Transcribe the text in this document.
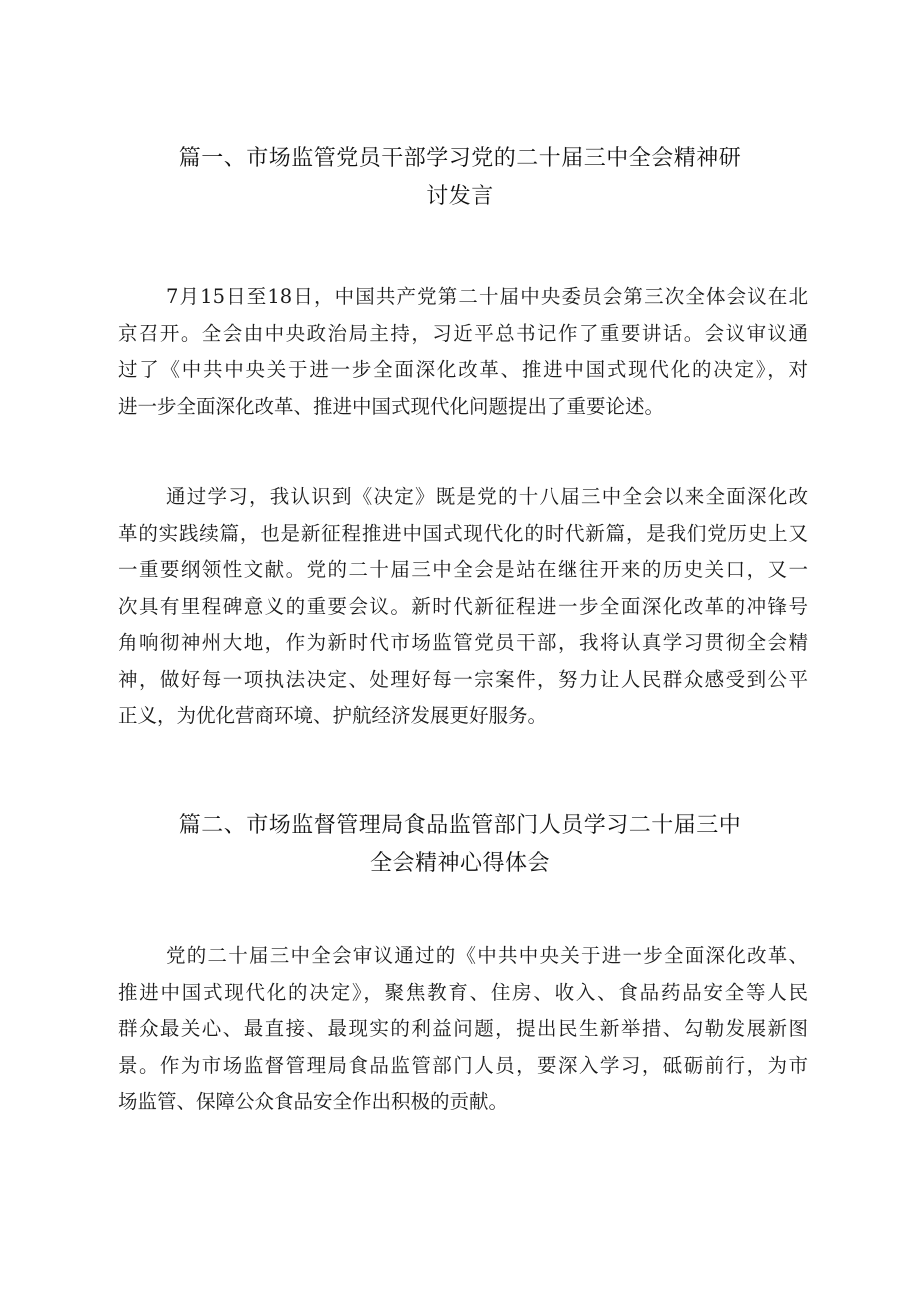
篇一、市场监管党员干部学习党的二十届三中全会精神研
讨发言
7月15日至18日，中国共产党第二十届中央委员会第三次全体会议在北
京召开。全会由中央政治局主持，习近平总书记作了重要讲话。会议审议通
过了《中共中央关于进一步全面深化改革、推进中国式现代化的决定》，对
进一步全面深化改革、推进中国式现代化问题提出了重要论述。
通过学习，我认识到《决定》既是党的十八届三中全会以来全面深化改
革的实践续篇，也是新征程推进中国式现代化的时代新篇，是我们党历史上又
一重要纲领性文献。党的二十届三中全会是站在继往开来的历史关口，又一
次具有里程碑意义的重要会议。新时代新征程进一步全面深化改革的冲锋号
角响彻神州大地，作为新时代市场监管党员干部，我将认真学习贯彻全会精
神，做好每一项执法决定、处理好每一宗案件，努力让人民群众感受到公平
正义，为优化营商环境、护航经济发展更好服务。
篇二、市场监督管理局食品监管部门人员学习二十届三中
全会精神心得体会
党的二十届三中全会审议通过的《中共中央关于进一步全面深化改革、
推进中国式现代化的决定》，聚焦教育、住房、收入、食品药品安全等人民
群众最关心、最直接、最现实的利益问题，提出民生新举措、勾勒发展新图
景。作为市场监督管理局食品监管部门人员，要深入学习，砥砺前行，为市
场监管、保障公众食品安全作出积极的贡献。
